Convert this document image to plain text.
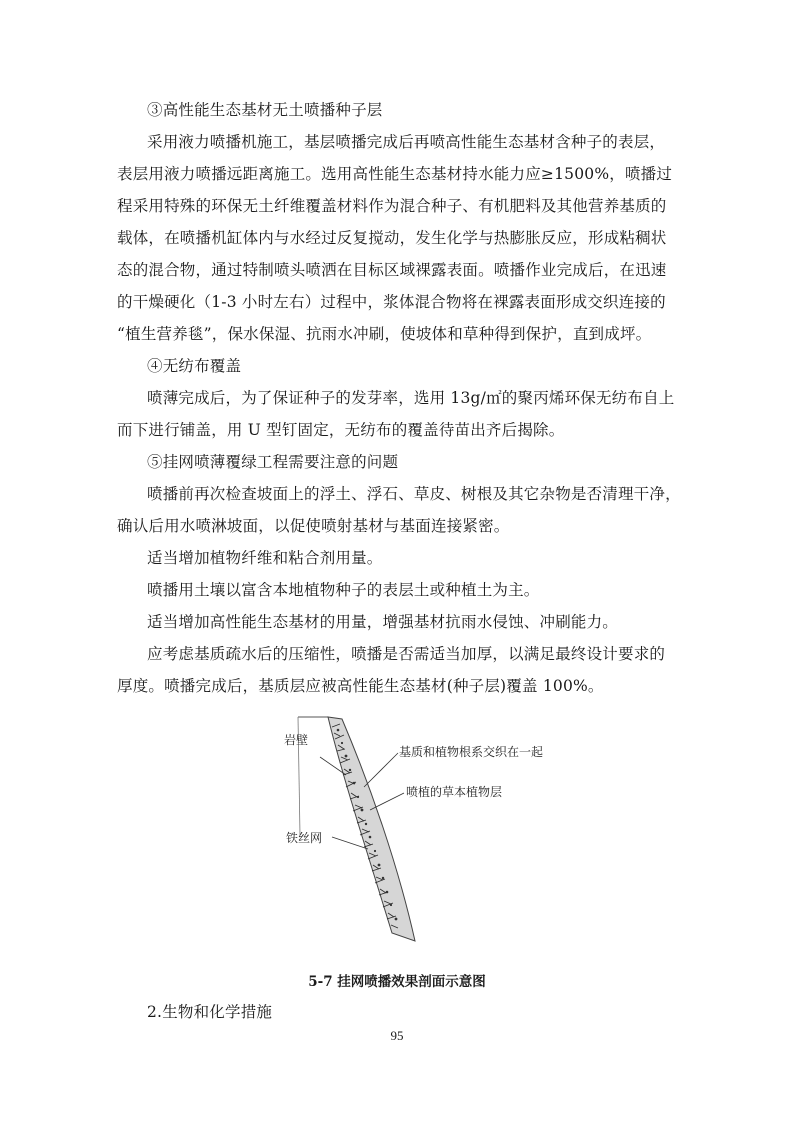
③高性能生态基材无土喷播种子层

采用液力喷播机施工，基层喷播完成后再喷高性能生态基材含种子的表层，

表层用液力喷播远距离施工。选用高性能生态基材持水能力应≥1500%，喷播过

程采用特殊的环保无土纤维覆盖材料作为混合种子、有机肥料及其他营养基质的

载体，在喷播机缸体内与水经过反复搅动，发生化学与热膨胀反应，形成粘稠状

态的混合物，通过特制喷头喷洒在目标区域裸露表面。喷播作业完成后，在迅速

的干燥硬化（1-3 小时左右）过程中，浆体混合物将在裸露表面形成交织连接的

“植生营养毯”，保水保湿、抗雨水冲刷，使坡体和草种得到保护，直到成坪。

④无纺布覆盖

喷薄完成后，为了保证种子的发芽率，选用 13g/㎡的聚丙烯环保无纺布自上

而下进行铺盖，用 U 型钉固定，无纺布的覆盖待苗出齐后揭除。

⑤挂网喷薄覆绿工程需要注意的问题

喷播前再次检查坡面上的浮土、浮石、草皮、树根及其它杂物是否清理干净，

确认后用水喷淋坡面，以促使喷射基材与基面连接紧密。

适当增加植物纤维和粘合剂用量。

喷播用土壤以富含本地植物种子的表层土或种植土为主。

适当增加高性能生态基材的用量，增强基材抗雨水侵蚀、冲刷能力。

应考虑基质疏水后的压缩性，喷播是否需适当加厚，以满足最终设计要求的

厚度。喷播完成后，基质层应被高性能生态基材(种子层)覆盖 100%。

岩壁
基质和植物根系交织在一起
喷植的草本植物层
铁丝网
5-7 挂网喷播效果剖面示意图

2.生物和化学措施

95
